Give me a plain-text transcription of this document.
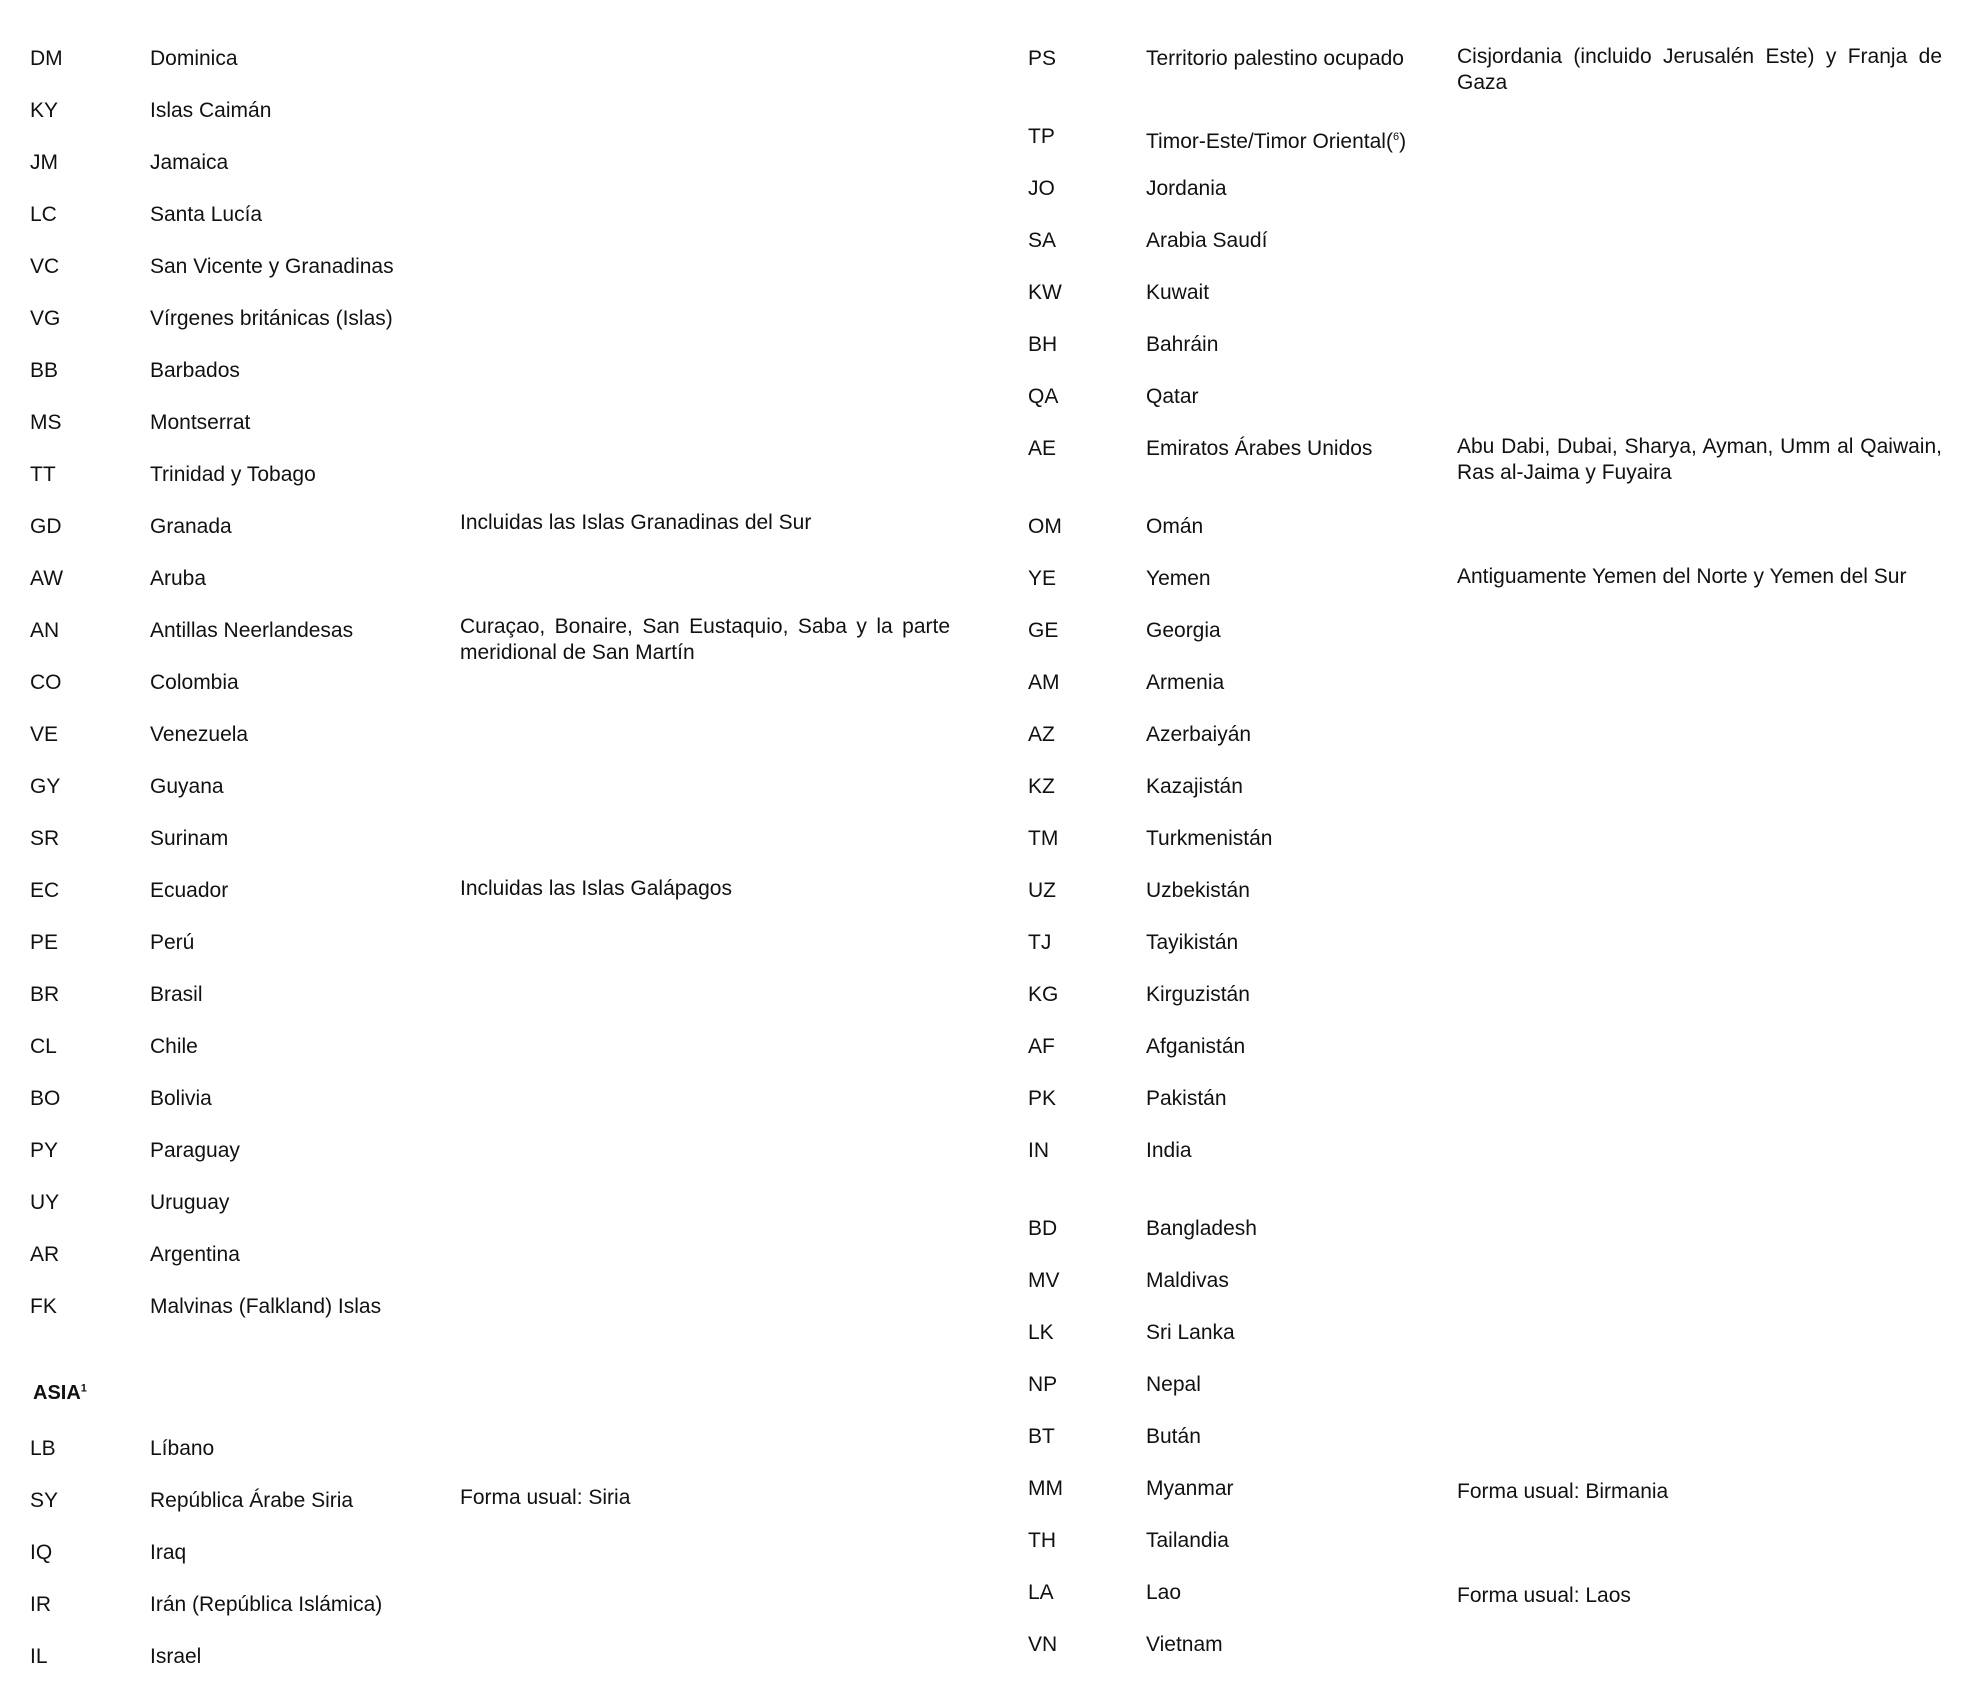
DM	Dominica
KY	Islas Caimán
JM	Jamaica
LC	Santa Lucía
VC	San Vicente y Granadinas
VG	Vírgenes británicas (Islas)
BB	Barbados
MS	Montserrat
TT	Trinidad y Tobago
GD	Granada	Incluidas las Islas Granadinas del Sur
AW	Aruba
AN	Antillas Neerlandesas	Curaçao, Bonaire, San Eustaquio, Saba y la parte meridional de San Martín
CO	Colombia
VE	Venezuela
GY	Guyana
SR	Surinam
EC	Ecuador	Incluidas las Islas Galápagos
PE	Perú
BR	Brasil
CL	Chile
BO	Bolivia
PY	Paraguay
UY	Uruguay
AR	Argentina
FK	Malvinas (Falkland) Islas
LB	Líbano
SY	República Árabe Siria	Forma usual: Siria
IQ	Iraq
IR	Irán (República Islámica)
IL	Israel
ASIA$^1$
PS	Territorio palestino ocupado	Cisjordania (incluido Jerusalén Este) y Franja de Gaza
TP	Timor-Este/Timor Oriental($^6$)
JO	Jordania
SA	Arabia Saudí
KW	Kuwait
BH	Bahráin
QA	Qatar
AE	Emiratos Árabes Unidos	Abu Dabi, Dubai, Sharya, Ayman, Umm al Qaiwain, Ras al-Jaima y Fuyaira
OM	Omán
YE	Yemen	Antiguamente Yemen del Norte y Yemen del Sur
GE	Georgia
AM	Armenia
AZ	Azerbaiyán
KZ	Kazajistán
TM	Turkmenistán
UZ	Uzbekistán
TJ	Tayikistán
KG	Kirguzistán
AF	Afganistán
PK	Pakistán
IN	India
BD	Bangladesh
MV	Maldivas
LK	Sri Lanka
NP	Nepal
BT	Bután
MM	Myanmar	Forma usual: Birmania
TH	Tailandia
LA	Lao	Forma usual: Laos
VN	Vietnam
